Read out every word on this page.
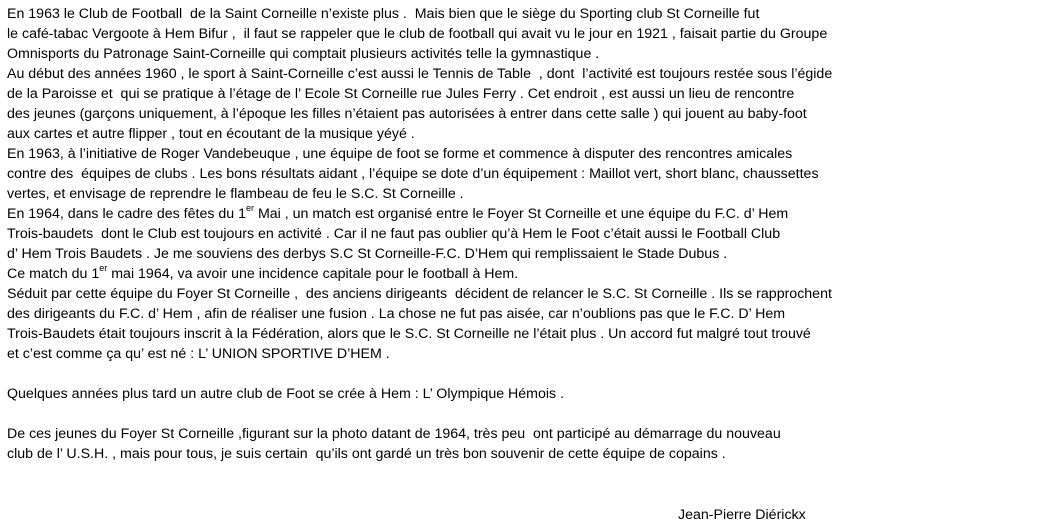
En 1963 le Club de Football  de la Saint Corneille n’existe plus .  Mais bien que le siège du Sporting club St Corneille fut
le café-tabac Vergoote à Hem Bifur ,  il faut se rappeler que le club de football qui avait vu le jour en 1921 , faisait partie du Groupe
Omnisports du Patronage Saint-Corneille qui comptait plusieurs activités telle la gymnastique .
Au début des années 1960 , le sport à Saint-Corneille c’est aussi le Tennis de Table  , dont  l’activité est toujours restée sous l’égide
de la Paroisse et  qui se pratique à l’étage de l’ Ecole St Corneille rue Jules Ferry . Cet endroit , est aussi un lieu de rencontre
des jeunes (garçons uniquement, à l’époque les filles n’étaient pas autorisées à entrer dans cette salle ) qui jouent au baby-foot
aux cartes et autre flipper , tout en écoutant de la musique yéyé .
En 1963, à l’initiative de Roger Vandebeuque , une équipe de foot se forme et commence à disputer des rencontres amicales
contre des  équipes de clubs . Les bons résultats aidant , l’équipe se dote d’un équipement : Maillot vert, short blanc, chaussettes
vertes, et envisage de reprendre le flambeau de feu le S.C. St Corneille .
En 1964, dans le cadre des fêtes du 1er Mai , un match est organisé entre le Foyer St Corneille et une équipe du F.C. d’ Hem
Trois-baudets  dont le Club est toujours en activité . Car il ne faut pas oublier qu’à Hem le Foot c’était aussi le Football Club
d’ Hem Trois Baudets . Je me souviens des derbys S.C St Corneille-F.C. D’Hem qui remplissaient le Stade Dubus .
Ce match du 1er mai 1964, va avoir une incidence capitale pour le football à Hem.
Séduit par cette équipe du Foyer St Corneille ,  des anciens dirigeants  décident de relancer le S.C. St Corneille . Ils se rapprochent
des dirigeants du F.C. d’ Hem , afin de réaliser une fusion . La chose ne fut pas aisée, car n’oublions pas que le F.C. D’ Hem
Trois-Baudets était toujours inscrit à la Fédération, alors que le S.C. St Corneille ne l’était plus . Un accord fut malgré tout trouvé
et c’est comme ça qu’ est né : L’ UNION SPORTIVE D’HEM .
Quelques années plus tard un autre club de Foot se crée à Hem : L’ Olympique Hémois .
De ces jeunes du Foyer St Corneille ,figurant sur la photo datant de 1964, très peu  ont participé au démarrage du nouveau
club de l’ U.S.H. , mais pour tous, je suis certain  qu’ils ont gardé un très bon souvenir de cette équipe de copains .
Jean-Pierre Diérickx
